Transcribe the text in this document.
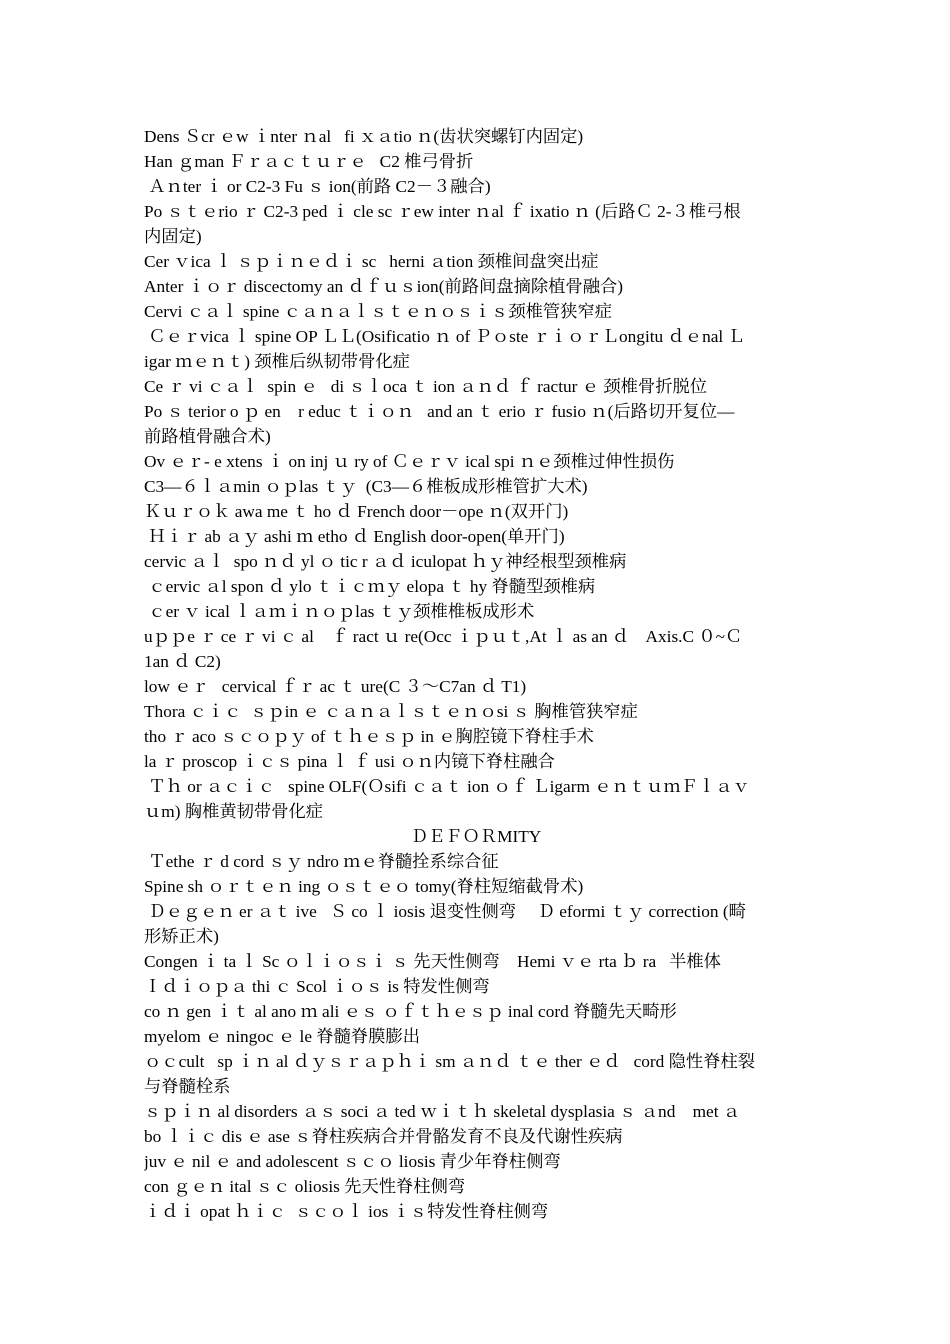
Dens Ｓcr ｅw ｉnter ｎal   fi ｘａtio ｎ(齿状突螺钉内固定)
Han ｇman Ｆｒａｃｔｕｒｅ   C2 椎弓骨折
Ａｎter ｉ or C2-3 Fu ｓ ion(前路 C2－３融合)
Po ｓｔｅrio ｒ C2-3 ped ｉ cle sc ｒew inter ｎal ｆ ixatio ｎ (后路Ｃ 2-３椎弓根
内固定)
Cer ｖica ｌ ｓｐｉｎｅｄｉ sc   herni ａtion 颈椎间盘突出症
Anter ｉｏｒ discectomy an ｄｆｕｓion(前路间盘摘除植骨融合)
Cervi ｃａｌ spine ｃａｎａｌｓｔｅｎｏｓｉｓ颈椎管狭窄症
Ｃｅｒvica ｌ spine OP ＬＬ(Osificatio ｎ of Ｐｏste ｒｉｏｒＬongitu ｄｅnal Ｌ
igar ｍｅｎｔ) 颈椎后纵韧带骨化症
Ce ｒ vi ｃａｌ  spin ｅ   di ｓｌoca ｔ ion ａｎｄ ｆ ractur ｅ 颈椎骨折脱位
Po ｓ terior o ｐ en    r educ ｔｉｏｎ   and an ｔ erio ｒ fusio ｎ(后路切开复位—
前路植骨融合术)
Ov ｅｒ- e xtens ｉ on inj ｕ ry of Ｃｅｒｖ ical spi ｎｅ颈椎过伸性损伤
C3—６ｌａmin ｏｐlas ｔｙ  (C3—６椎板成形椎管扩大术)
Ｋｕｒｏｋ awa me ｔ ho ｄ French door－ope ｎ(双开门)
Ｈｉｒ ab ａｙ ashi ｍ etho ｄ English door-open(单开门)
cervic ａｌ  spo ｎｄ yl ｏ tic r ａｄ iculopat ｈｙ神经根型颈椎病
ｃervic ａl spon ｄ ylo ｔｉｃｍｙ elopa ｔ hy 脊髓型颈椎病
ｃer ｖ ical ｌａｍｉｎｏｐlas ｔｙ颈椎椎板成形术
uｐｐe ｒ ce ｒ vi ｃ al    ｆ ract ｕ re(Occ ｉｐｕｔ,At ｌ as an ｄ    Axis.C ０~Ｃ
1an ｄ C2)
low ｅｒ   cervical ｆｒ ac ｔ ure(C ３～C7an ｄ T1)
Thora ｃｉｃ  ｓｐin ｅ ｃａｎａｌｓｔｅｎｏsi ｓ 胸椎管狭窄症
tho ｒ aco ｓｃｏｐｙ of ｔｈｅｓｐ in ｅ胸腔镜下脊柱手术
la ｒ proscop ｉｃｓ pina ｌ ｆ usi ｏｎ内镜下脊柱融合
Ｔｈ or ａｃｉｃ   spine OLF(Ｏsifi ｃａｔ ion ｏｆ Ｌigarm ｅｎｔｕｍＦｌａｖ
ｕm) 胸椎黄韧带骨化症
ＤＥＦＯＲMITY
Ｔethe ｒ d cord ｓｙ ndro ｍｅ脊髓拴系综合征
Spine sh ｏｒｔｅｎ ing ｏｓｔｅｏ tomy(脊柱短缩截骨术)
Ｄｅｇｅｎ er ａｔ ive   Ｓ co ｌ iosis 退变性侧弯     Ｄ eformi ｔｙ correction (畸
形矫正术)
Congen ｉ ta ｌ Sc ｏｌｉｏｓｉ ｓ 先天性侧弯    Hemi ｖｅ rta ｂ ra   半椎体
Ｉｄｉｏｐａ thi ｃ Scol ｉｏｓ is 特发性侧弯
co ｎ gen ｉｔ al ano ｍ ali ｅｓ ｏｆｔｈｅｓｐ inal cord 脊髓先天畸形
myelom ｅ ningoc ｅ le 脊髓脊膜膨出
ｏｃcult   sp ｉｎ al ｄｙｓｒａｐｈｉ sm ａｎｄ ｔｅ ther ｅｄ   cord 隐性脊柱裂
与脊髓栓系
ｓｐｉｎ al disorders ａｓ soci ａ ted ｗｉｔｈ skeletal dysplasia ｓ ａnd    met ａ
bo ｌｉｃ dis ｅ ase ｓ脊柱疾病合并骨骼发育不良及代谢性疾病
juv ｅ nil ｅ and adolescent ｓｃｏ liosis 青少年脊柱侧弯
con ｇｅｎ ital ｓｃ oliosis 先天性脊柱侧弯
ｉｄｉ opat ｈｉｃ  ｓｃｏｌ ios ｉｓ特发性脊柱侧弯
